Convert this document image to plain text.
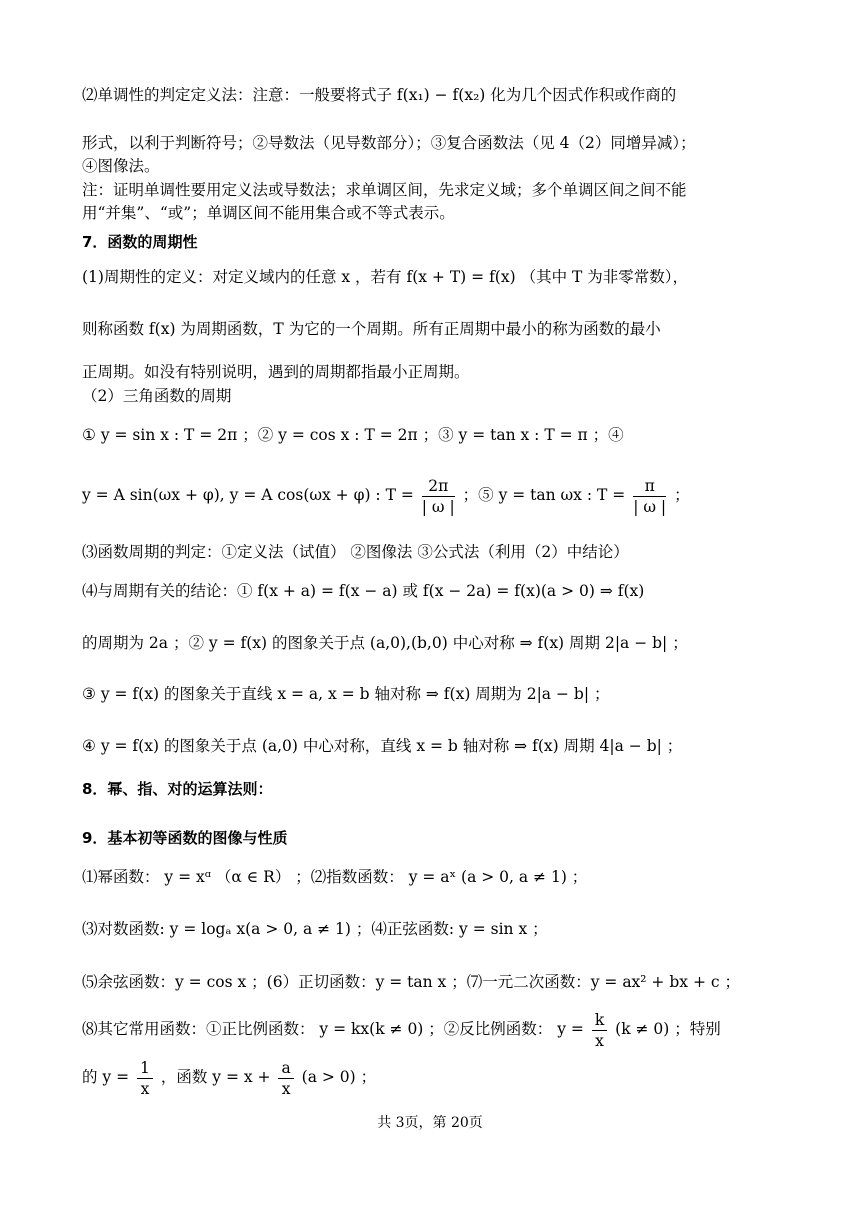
⑵单调性的判定定义法：注意：一般要将式子 f(x₁) − f(x₂) 化为几个因式作积或作商的
形式，以利于判断符号；②导数法（见导数部分）；③复合函数法（见 4（2）同增异减）；
④图像法。
注：证明单调性要用定义法或导数法；求单调区间，先求定义域；多个单调区间之间不能
用“并集”、“或”；单调区间不能用集合或不等式表示。
7．函数的周期性
(1)周期性的定义：对定义域内的任意 x ，若有 f(x + T) = f(x) （其中 T 为非零常数），
则称函数 f(x) 为周期函数，T 为它的一个周期。所有正周期中最小的称为函数的最小
正周期。如没有特别说明，遇到的周期都指最小正周期。
（2）三角函数的周期
① y = sin x : T = 2π ；② y = cos x : T = 2π ；③ y = tan x : T = π ；④
y = A sin(ωx + φ), y = A cos(ωx + φ) : $T = \frac{2\pi}{| \omega |}$ ；⑤ y = tan ωx : $T = \frac{\pi}{| \omega |}$ ；
⑶函数周期的判定：①定义法（试值） ②图像法 ③公式法（利用（2）中结论）
⑷与周期有关的结论：① f(x + a) = f(x − a) 或 f(x − 2a) = f(x)(a > 0) ⇒ f(x)
的周期为 2a ；② y = f(x) 的图象关于点 (a,0),(b,0) 中心对称 ⇒ f(x) 周期 2|a − b| ；
③ y = f(x) 的图象关于直线 x = a, x = b 轴对称 ⇒ f(x) 周期为 2|a − b| ；
④ y = f(x) 的图象关于点 (a,0) 中心对称，直线 x = b 轴对称 ⇒ f(x) 周期 4|a − b| ；
8．幂、指、对的运算法则：
9．基本初等函数的图像与性质
⑴幂函数： y = xᵅ （α ∈ R） ；⑵指数函数： y = aˣ (a > 0, a ≠ 1) ；
⑶对数函数: y = logₐ x(a > 0, a ≠ 1) ；⑷正弦函数: y = sin x ；
⑸余弦函数：y = cos x ；(6）正切函数：y = tan x ；⑺一元二次函数：y = ax² + bx + c ；
⑻其它常用函数：①正比例函数： y = kx(k ≠ 0) ；②反比例函数： $y = \frac{k}{x} (k \ne 0)$ ；特别
的 $y = \frac{1}{x}$ ，函数 $y = x + \frac{a}{x} (a > 0)$ ；
共 3页，第 20页
